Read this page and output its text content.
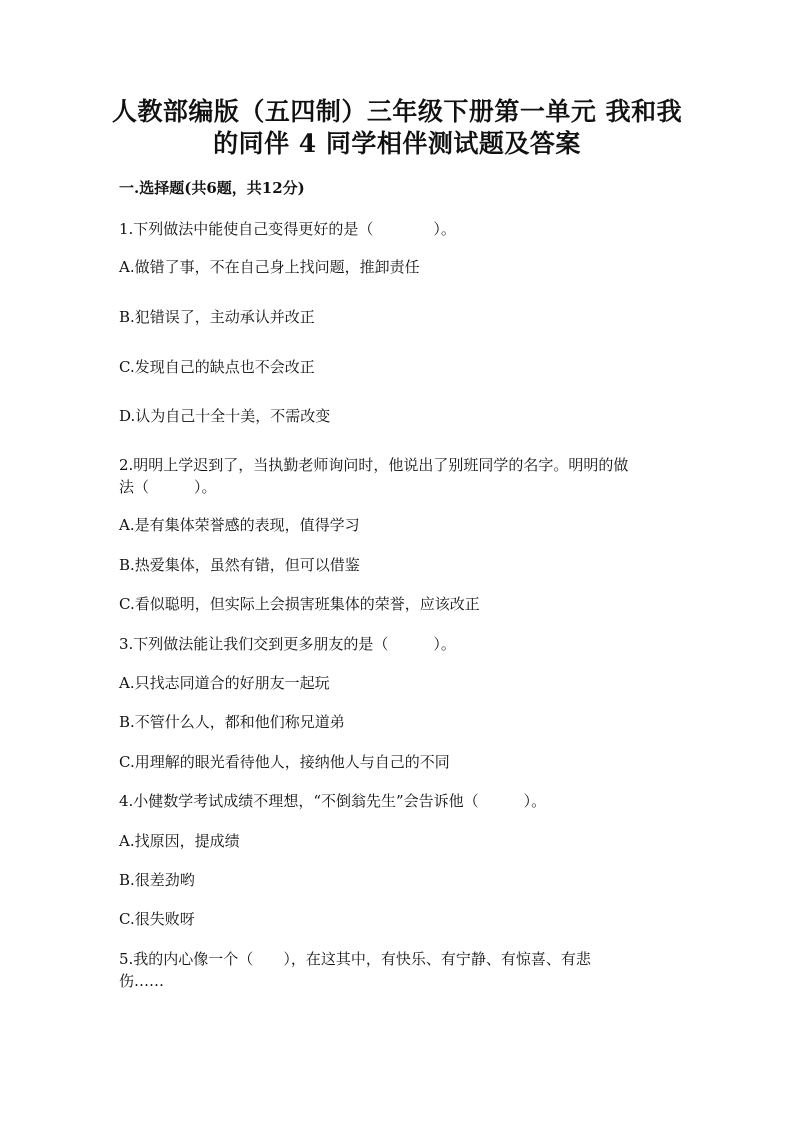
人教部编版（五四制）三年级下册第一单元 我和我
的同伴 4 同学相伴测试题及答案
一.选择题(共6题，共12分)
1.下列做法中能使自己变得更好的是（　　　　）。
A.做错了事，不在自己身上找问题，推卸责任
B.犯错误了，主动承认并改正
C.发现自己的缺点也不会改正
D.认为自己十全十美，不需改变
2.明明上学迟到了，当执勤老师询问时，他说出了别班同学的名字。明明的做
法（　　　）。
A.是有集体荣誉感的表现，值得学习
B.热爱集体，虽然有错，但可以借鉴
C.看似聪明，但实际上会损害班集体的荣誉，应该改正
3.下列做法能让我们交到更多朋友的是（　　　）。
A.只找志同道合的好朋友一起玩
B.不管什么人，都和他们称兄道弟
C.用理解的眼光看待他人，接纳他人与自己的不同
4.小健数学考试成绩不理想，“不倒翁先生”会告诉他（　　　）。
A.找原因，提成绩
B.很差劲哟
C.很失败呀
5.我的内心像一个（　　），在这其中，有快乐、有宁静、有惊喜、有悲
伤……
